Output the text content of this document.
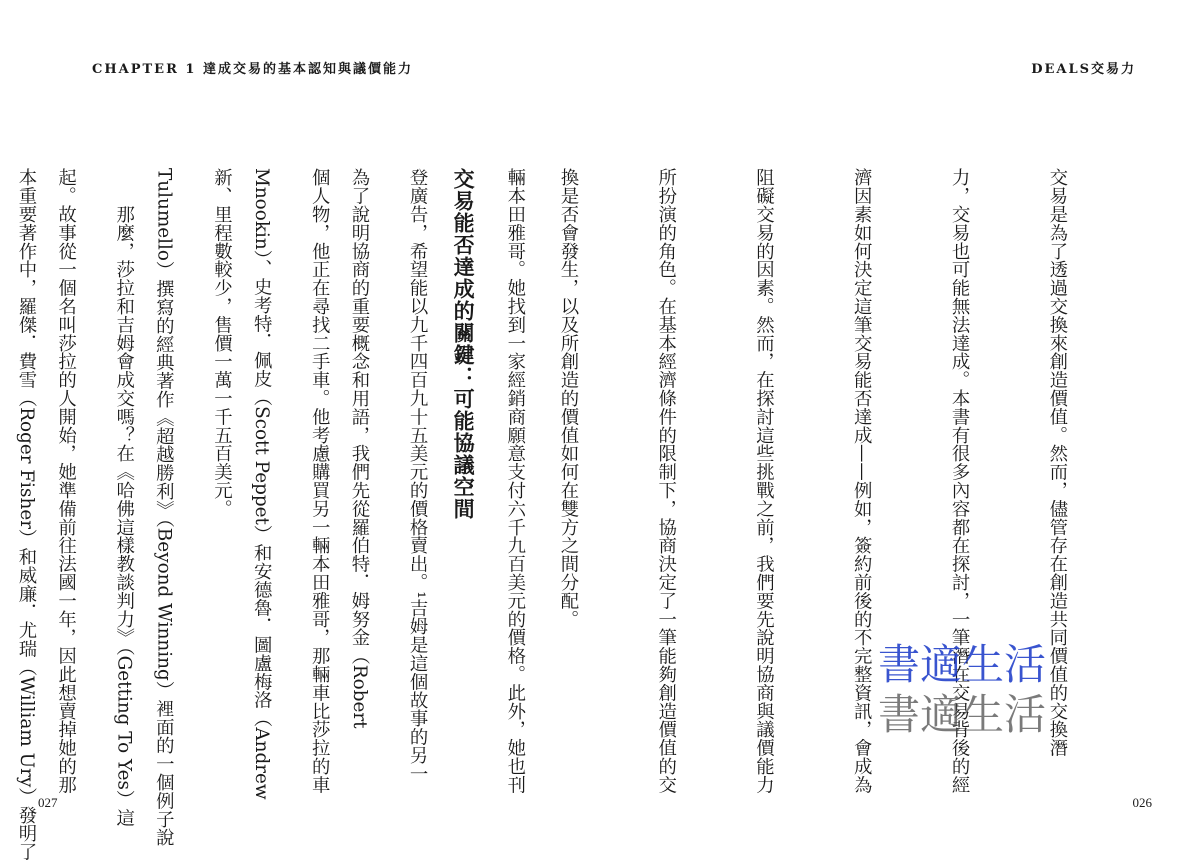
CHAPTER 1 達成交易的基本認知與議價能力	DEALS交易力

交易是為了透過交換來創造價值。然而，儘管存在創造共同價值的交換潛

力，交易也可能無法達成。本書有很多內容都在探討，一筆潛在交易背後的經

濟因素如何決定這筆交易能否達成——例如，簽約前後的不完整資訊，會成為

阻礙交易的因素。然而，在探討這些挑戰之前，我們要先說明協商與議價能力

所扮演的角色。在基本經濟條件的限制下，協商決定了一筆能夠創造價值的交

換是否會發生，以及所創造的價值如何在雙方之間分配。

交易能否達成的關鍵：可能協議空間

為了說明協商的重要概念和用語，我們先從羅伯特．姆努金（Robert

Mnookin）、史考特．佩皮（Scott Peppet）和安德魯．圖盧梅洛（Andrew

Tulumello）撰寫的經典著作《超越勝利》（Beyond Winning）裡面的一個例子說

起。故事從一個名叫莎拉的人開始，她準備前往法國一年，因此想賣掉她的那

	輛本田雅哥。她找到一家經銷商願意支付六千九百美元的價格。此外，她也刊

登廣告，希望能以九千四百九十五美元的價格賣出。¹吉姆是這個故事的另一

個人物，他正在尋找二手車。他考慮購買另一輛本田雅哥，那輛車比莎拉的車

新、里程數較少，售價一萬一千五百美元。

　　那麼，莎拉和吉姆會成交嗎？在《哈佛這樣教談判力》（Getting To Yes）這

本重要著作中，羅傑．費雪（Roger Fisher）和威廉．尤瑞（William Ury）發明了

	書適生活
書適生活
027	026
